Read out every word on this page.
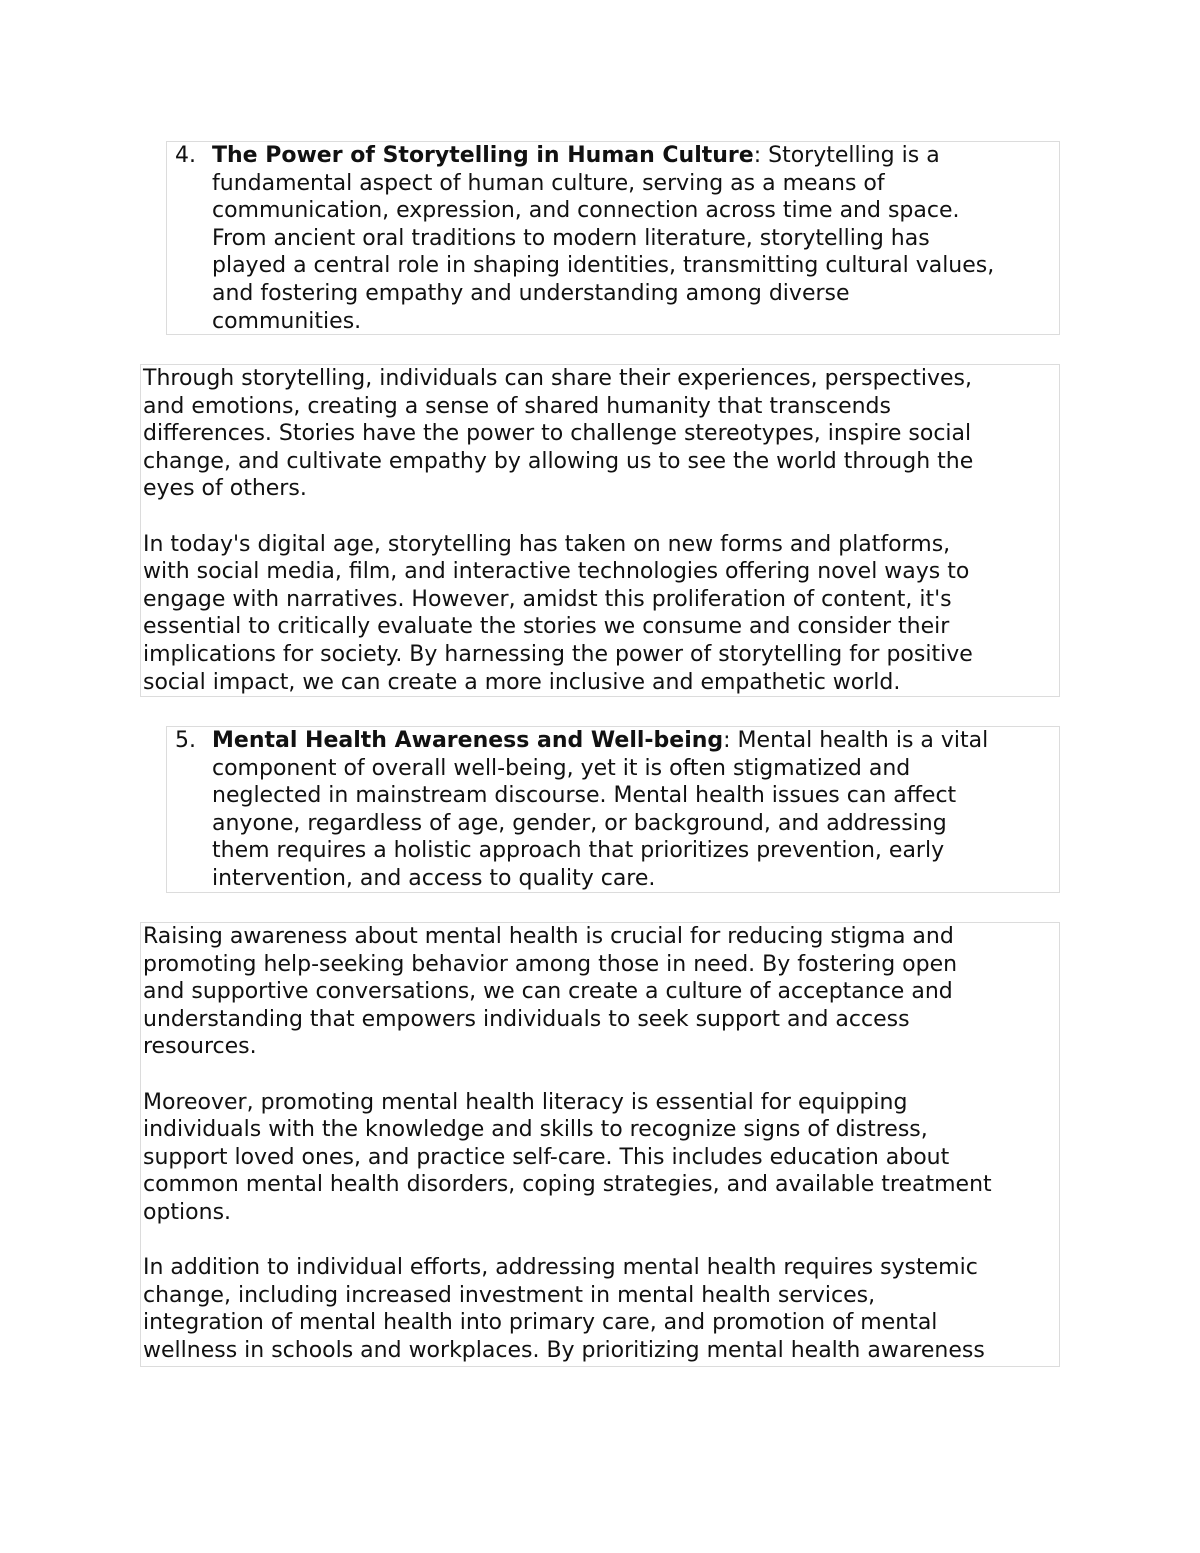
4. The Power of Storytelling in Human Culture: Storytelling is a
fundamental aspect of human culture, serving as a means of
communication, expression, and connection across time and space.
From ancient oral traditions to modern literature, storytelling has
played a central role in shaping identities, transmitting cultural values,
and fostering empathy and understanding among diverse
communities.
Through storytelling, individuals can share their experiences, perspectives,
and emotions, creating a sense of shared humanity that transcends
differences. Stories have the power to challenge stereotypes, inspire social
change, and cultivate empathy by allowing us to see the world through the
eyes of others.
In today's digital age, storytelling has taken on new forms and platforms,
with social media, film, and interactive technologies offering novel ways to
engage with narratives. However, amidst this proliferation of content, it's
essential to critically evaluate the stories we consume and consider their
implications for society. By harnessing the power of storytelling for positive
social impact, we can create a more inclusive and empathetic world.
5. Mental Health Awareness and Well-being: Mental health is a vital
component of overall well-being, yet it is often stigmatized and
neglected in mainstream discourse. Mental health issues can affect
anyone, regardless of age, gender, or background, and addressing
them requires a holistic approach that prioritizes prevention, early
intervention, and access to quality care.
Raising awareness about mental health is crucial for reducing stigma and
promoting help-seeking behavior among those in need. By fostering open
and supportive conversations, we can create a culture of acceptance and
understanding that empowers individuals to seek support and access
resources.
Moreover, promoting mental health literacy is essential for equipping
individuals with the knowledge and skills to recognize signs of distress,
support loved ones, and practice self-care. This includes education about
common mental health disorders, coping strategies, and available treatment
options.
In addition to individual efforts, addressing mental health requires systemic
change, including increased investment in mental health services,
integration of mental health into primary care, and promotion of mental
wellness in schools and workplaces. By prioritizing mental health awareness
